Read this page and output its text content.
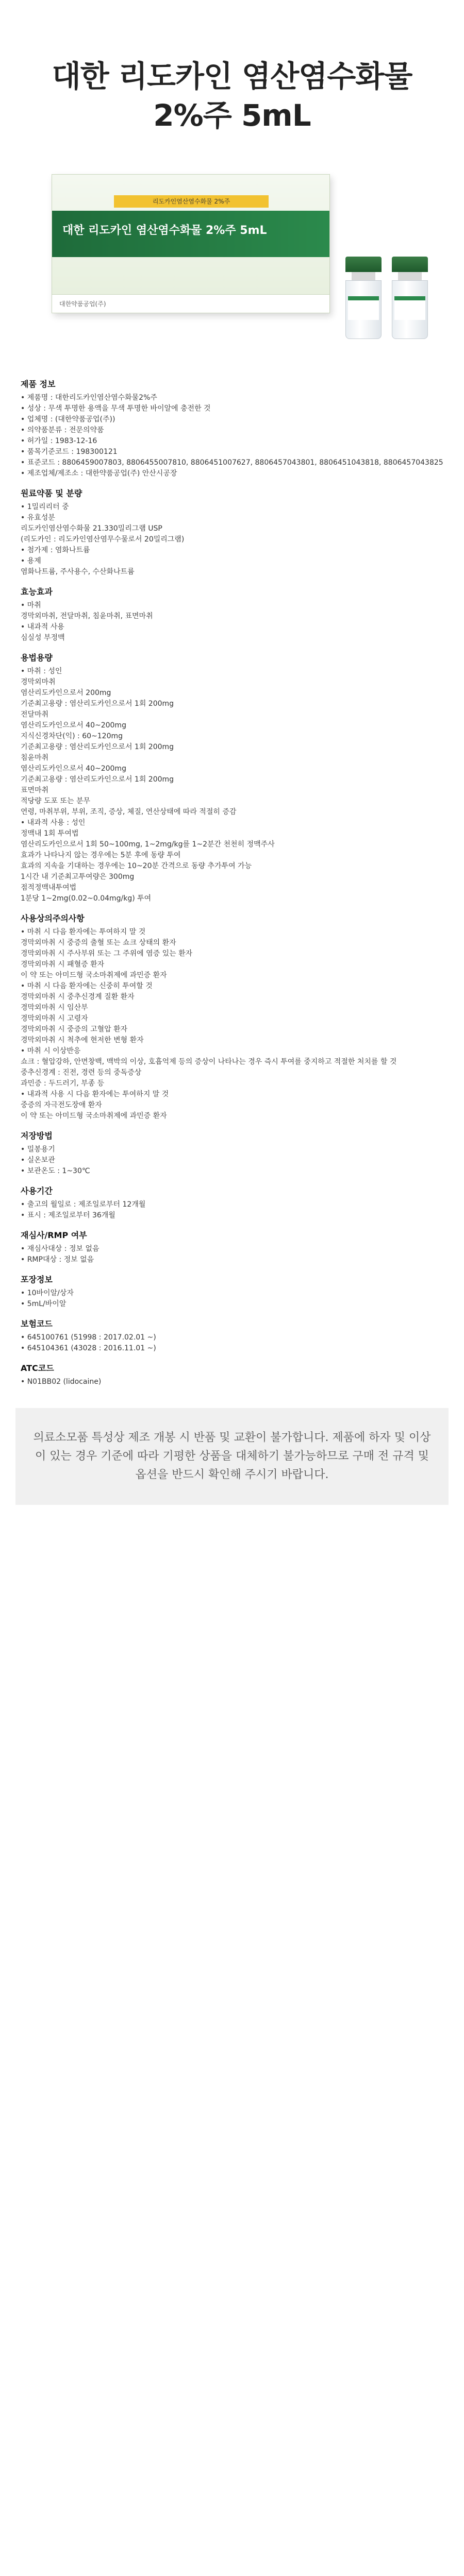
대한 리도카인 염산염수화물
2%주 5mL
리도카인염산염수화물 2%주
대한 리도카인 염산염수화물 2%주 5mL
대한약품공업(주)
제품 정보

• 제품명 : 대한리도카인염산염수화물2%주

• 성상 : 무색 투명한 용액을 무색 투명한 바이알에 충전한 것

• 업체명 : (대한약품공업(주))

• 의약품분류 : 전문의약품

• 허가일 : 1983-12-16

• 품목기준코드 : 198300121

• 표준코드 : 8806459007803, 8806455007810, 8806451007627, 8806457043801, 8806451043818, 8806457043825

• 제조업체/제조소 : 대한약품공업(주) 안산시공장

원료약품 및 분량

• 1밀리리터 중

• 유효성분

리도카인염산염수화물 21.330밀리그램 USP

(리도카인 : 리도카인염산염무수물로서 20밀리그램)

• 첨가제 : 염화나트륨

• 용제

염화나트륨, 주사용수, 수산화나트륨

효능효과

• 마취

경막외마취, 전달마취, 침윤마취, 표면마취

• 내과적 사용

심실성 부정맥

용법용량

• 마취 : 성인

경막외마취

염산리도카인으로서 200mg

기준최고용량 : 염산리도카인으로서 1회 200mg

전달마취

염산리도카인으로서 40~200mg

지식신경차단(익) : 60~120mg

기준최고용량 : 염산리도카인으로서 1회 200mg

침윤마취

염산리도카인으로서 40~200mg

기준최고용량 : 염산리도카인으로서 1회 200mg

표면마취

적당량 도포 또는 분무

연령, 마취부위, 부위, 조직, 증상, 체질, 연산상태에 따라 적절히 증감

• 내과적 사용 : 성인

정맥내 1회 투여법

염산리도카인으로서 1회 50~100mg, 1~2mg/kg를 1~2분간 천천히 정맥주사

효과가 나타나지 않는 경우에는 5분 후에 동량 투여

효과의 지속을 기대하는 경우에는 10~20분 간격으로 동량 추가투여 가능

1시간 내 기준최고투여량은 300mg

점적정맥내투여법

1분당 1~2mg(0.02~0.04mg/kg) 투여

사용상의주의사항

• 마취 시 다음 환자에는 투여하지 말 것

경막외마취 시 중증의 출혈 또는 쇼크 상태의 환자

경막외마취 시 주사부위 또는 그 주위에 염증 있는 환자

경막외마취 시 패혈증 환자

이 약 또는 아미드형 국소마취제에 과민증 환자

• 마취 시 다음 환자에는 신중히 투여할 것

경막외마취 시 중추신경계 질환 환자

경막외마취 시 임산부

경막외마취 시 고령자

경막외마취 시 중증의 고혈압 환자

경막외마취 시 척추에 현저한 변형 환자

• 마취 시 이상반응

쇼크 : 혈압강하, 안면창백, 맥박의 이상, 호흡억제 등의 증상이 나타나는 경우 즉시 투여를 중지하고 적절한 처치를 할 것

중추신경계 : 진전, 경련 등의 중독증상

과민증 : 두드러기, 부종 등

• 내과적 사용 시 다음 환자에는 투여하지 말 것

중증의 자극전도장애 환자

이 약 또는 아미드형 국소마취제에 과민증 환자

저장방법

• 밀봉용기

• 실온보관

• 보관온도 : 1~30℃

사용기간

• 출고의 월일로 : 제조일로부터 12개월

• 표시 : 제조일로부터 36개월

재심사/RMP 여부

• 재심사대상 : 정보 없음

• RMP대상 : 정보 없음

포장정보

• 10바이알/상자

• 5mL/바이알

보험코드

• 645100761 (51998 : 2017.02.01 ~)

• 645104361 (43028 : 2016.11.01 ~)

ATC코드

• N01BB02 (lidocaine)

의료소모품 특성상 제조 개봉 시 반품 및 교환이 불가합니다. 제품에 하자 및 이상이 있는 경우 기준에 따라 기평한 상품을 대체하기 불가능하므로 구매 전 규격 및 옵션을 반드시 확인해 주시기 바랍니다.
